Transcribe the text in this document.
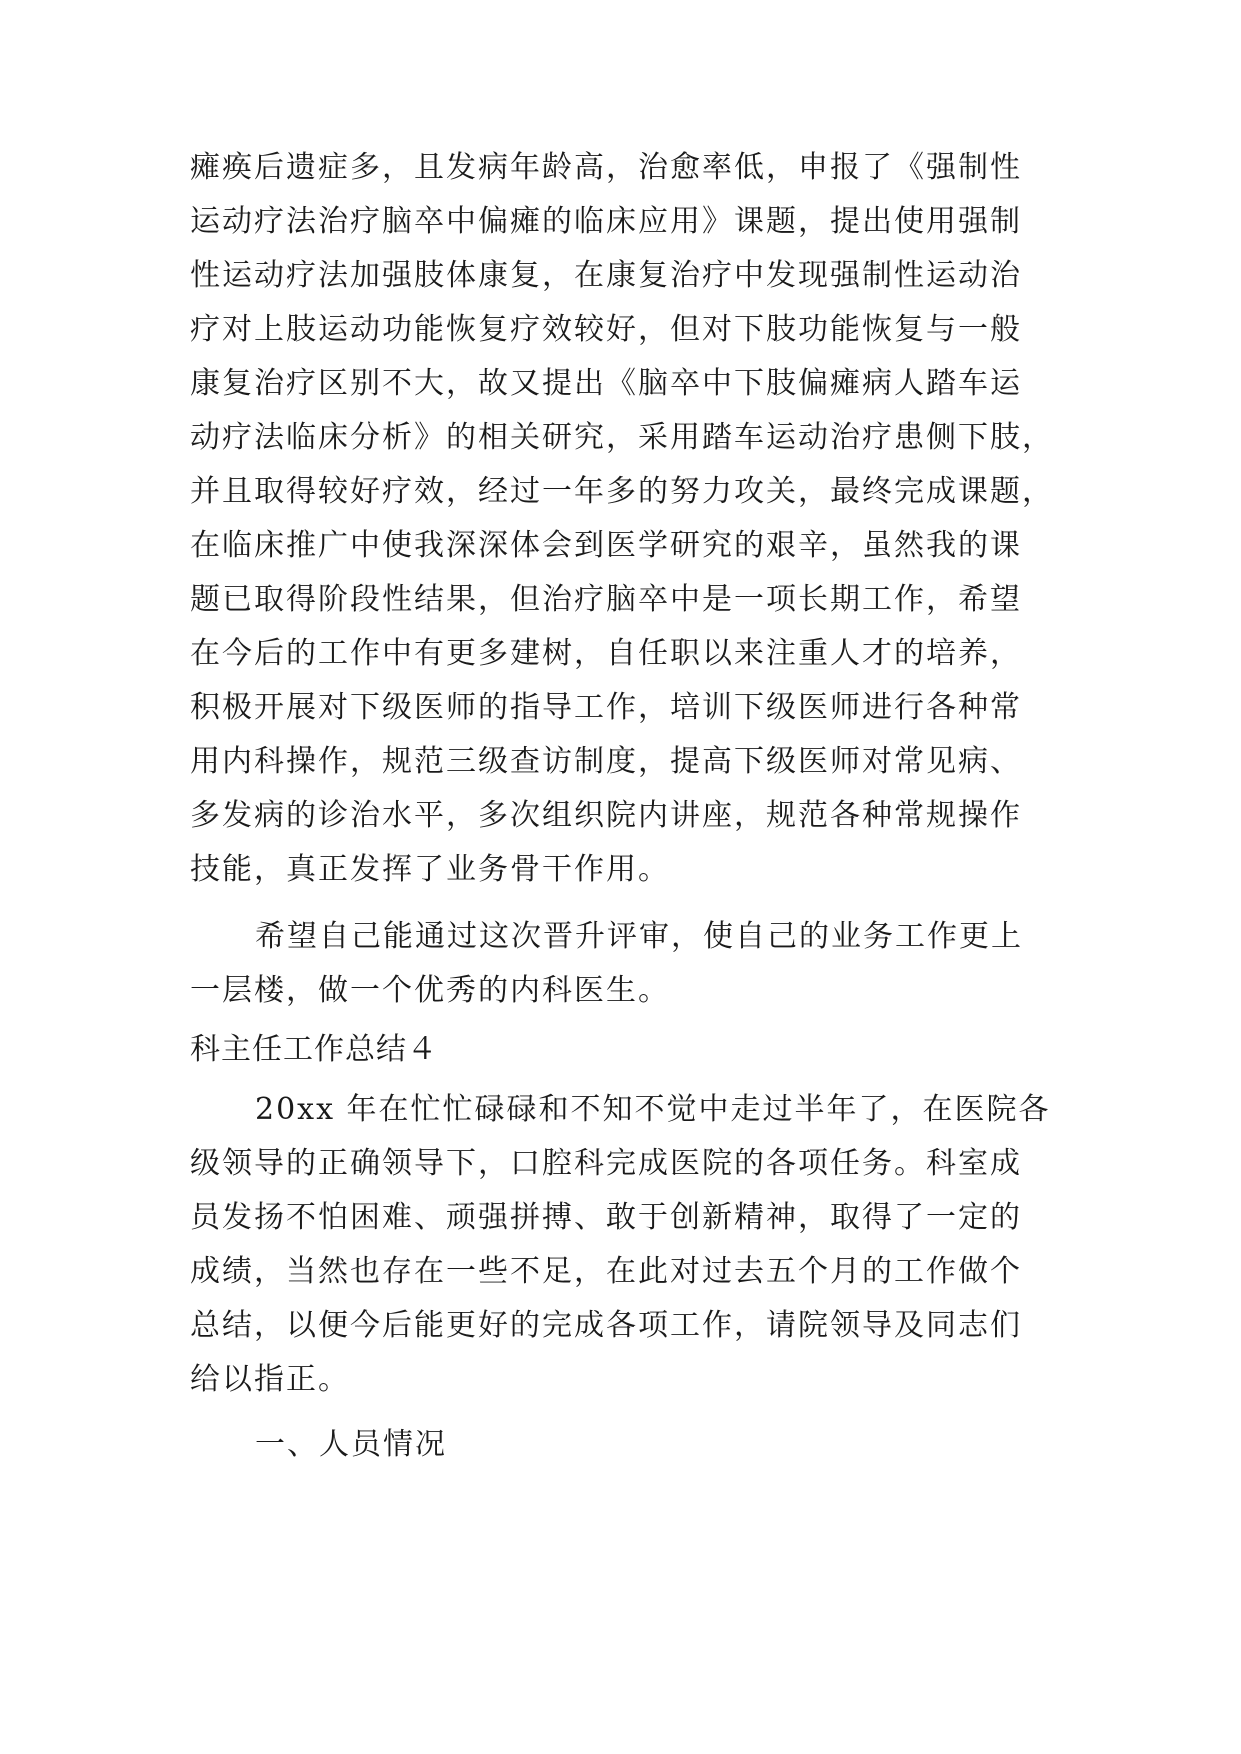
瘫痪后遗症多，且发病年龄高，治愈率低，申报了《强制性
运动疗法治疗脑卒中偏瘫的临床应用》课题，提出使用强制
性运动疗法加强肢体康复，在康复治疗中发现强制性运动治
疗对上肢运动功能恢复疗效较好，但对下肢功能恢复与一般
康复治疗区别不大，故又提出《脑卒中下肢偏瘫病人踏车运
动疗法临床分析》的相关研究，采用踏车运动治疗患侧下肢，
并且取得较好疗效，经过一年多的努力攻关，最终完成课题，
在临床推广中使我深深体会到医学研究的艰辛，虽然我的课
题已取得阶段性结果，但治疗脑卒中是一项长期工作，希望
在今后的工作中有更多建树，自任职以来注重人才的培养，
积极开展对下级医师的指导工作，培训下级医师进行各种常
用内科操作，规范三级查访制度，提高下级医师对常见病、
多发病的诊治水平，多次组织院内讲座，规范各种常规操作
技能，真正发挥了业务骨干作用。
希望自己能通过这次晋升评审，使自己的业务工作更上
一层楼，做一个优秀的内科医生。
科主任工作总结４
20xx 年在忙忙碌碌和不知不觉中走过半年了，在医院各
级领导的正确领导下，口腔科完成医院的各项任务。科室成
员发扬不怕困难、顽强拼搏、敢于创新精神，取得了一定的
成绩，当然也存在一些不足，在此对过去五个月的工作做个
总结，以便今后能更好的完成各项工作，请院领导及同志们
给以指正。
一、人员情况
